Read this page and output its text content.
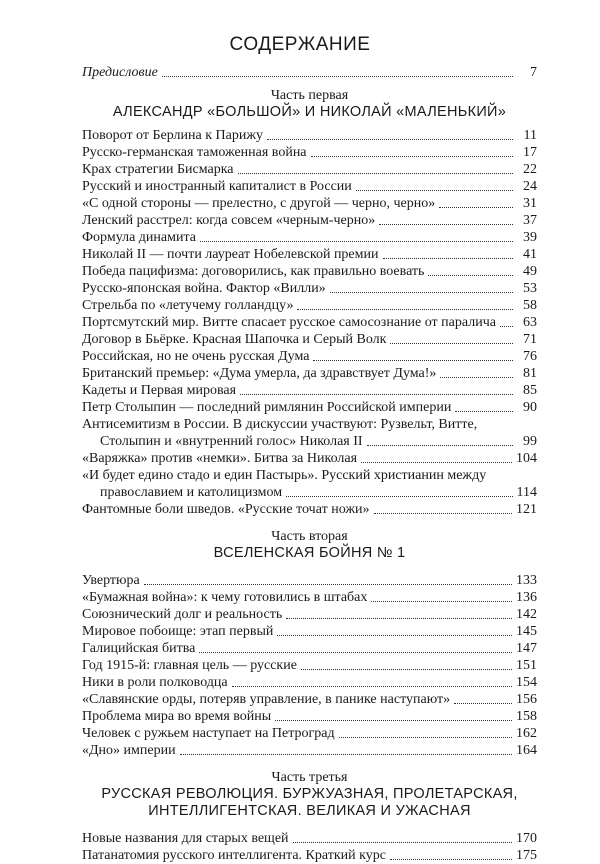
СОДЕРЖАНИЕ
Предисловие	7
Часть первая
АЛЕКСАНДР «БОЛЬШОЙ» И НИКОЛАЙ «МАЛЕНЬКИЙ»
Поворот от Берлина к Парижу	11
Русско-германская таможенная война	17
Крах стратегии Бисмарка	22
Русский и иностранный капиталист в России	24
«С одной стороны — прелестно, с другой — черно, черно»	31
Ленский расстрел: когда совсем «черным-черно»	37
Формула динамита	39
Николай II — почти лауреат Нобелевской премии	41
Победа пацифизма: договорились, как правильно воевать	49
Русско-японская война. Фактор «Вилли»	53
Стрельба по «летучему голландцу»	58
Портсмутский мир. Витте спасает русское самосознание от паралича	63
Договор в Бьёрке. Красная Шапочка и Серый Волк	71
Российская, но не очень русская Дума	76
Британский премьер: «Дума умерла, да здравствует Дума!»	81
Кадеты и Первая мировая	85
Петр Столыпин — последний римлянин Российской империи	90
Антисемитизм в России. В дискуссии участвуют: Рузвельт, Витте,
Столыпин и «внутренний голос» Николая II	99
«Варяжка» против «немки». Битва за Николая	104
«И будет едино стадо и един Пастырь». Русский христианин между
православием и католицизмом	114
Фантомные боли шведов. «Русские точат ножи»	121
Часть вторая
ВСЕЛЕНСКАЯ БОЙНЯ № 1
Увертюра	133
«Бумажная война»: к чему готовились в штабах	136
Союзнический долг и реальность	142
Мировое побоище: этап первый	145
Галицийская битва	147
Год 1915-й: главная цель — русские	151
Ники в роли полководца	154
«Славянские орды, потеряв управление, в панике наступают»	156
Проблема мира во время войны	158
Человек с ружьем наступает на Петроград	162
«Дно» империи	164
Часть третья
РУССКАЯ РЕВОЛЮЦИЯ. БУРЖУАЗНАЯ, ПРОЛЕТАРСКАЯ,
ИНТЕЛЛИГЕНТСКАЯ. ВЕЛИКАЯ И УЖАСНАЯ
Новые названия для старых вещей	170
Патанатомия русского интеллигента. Краткий курс	175
